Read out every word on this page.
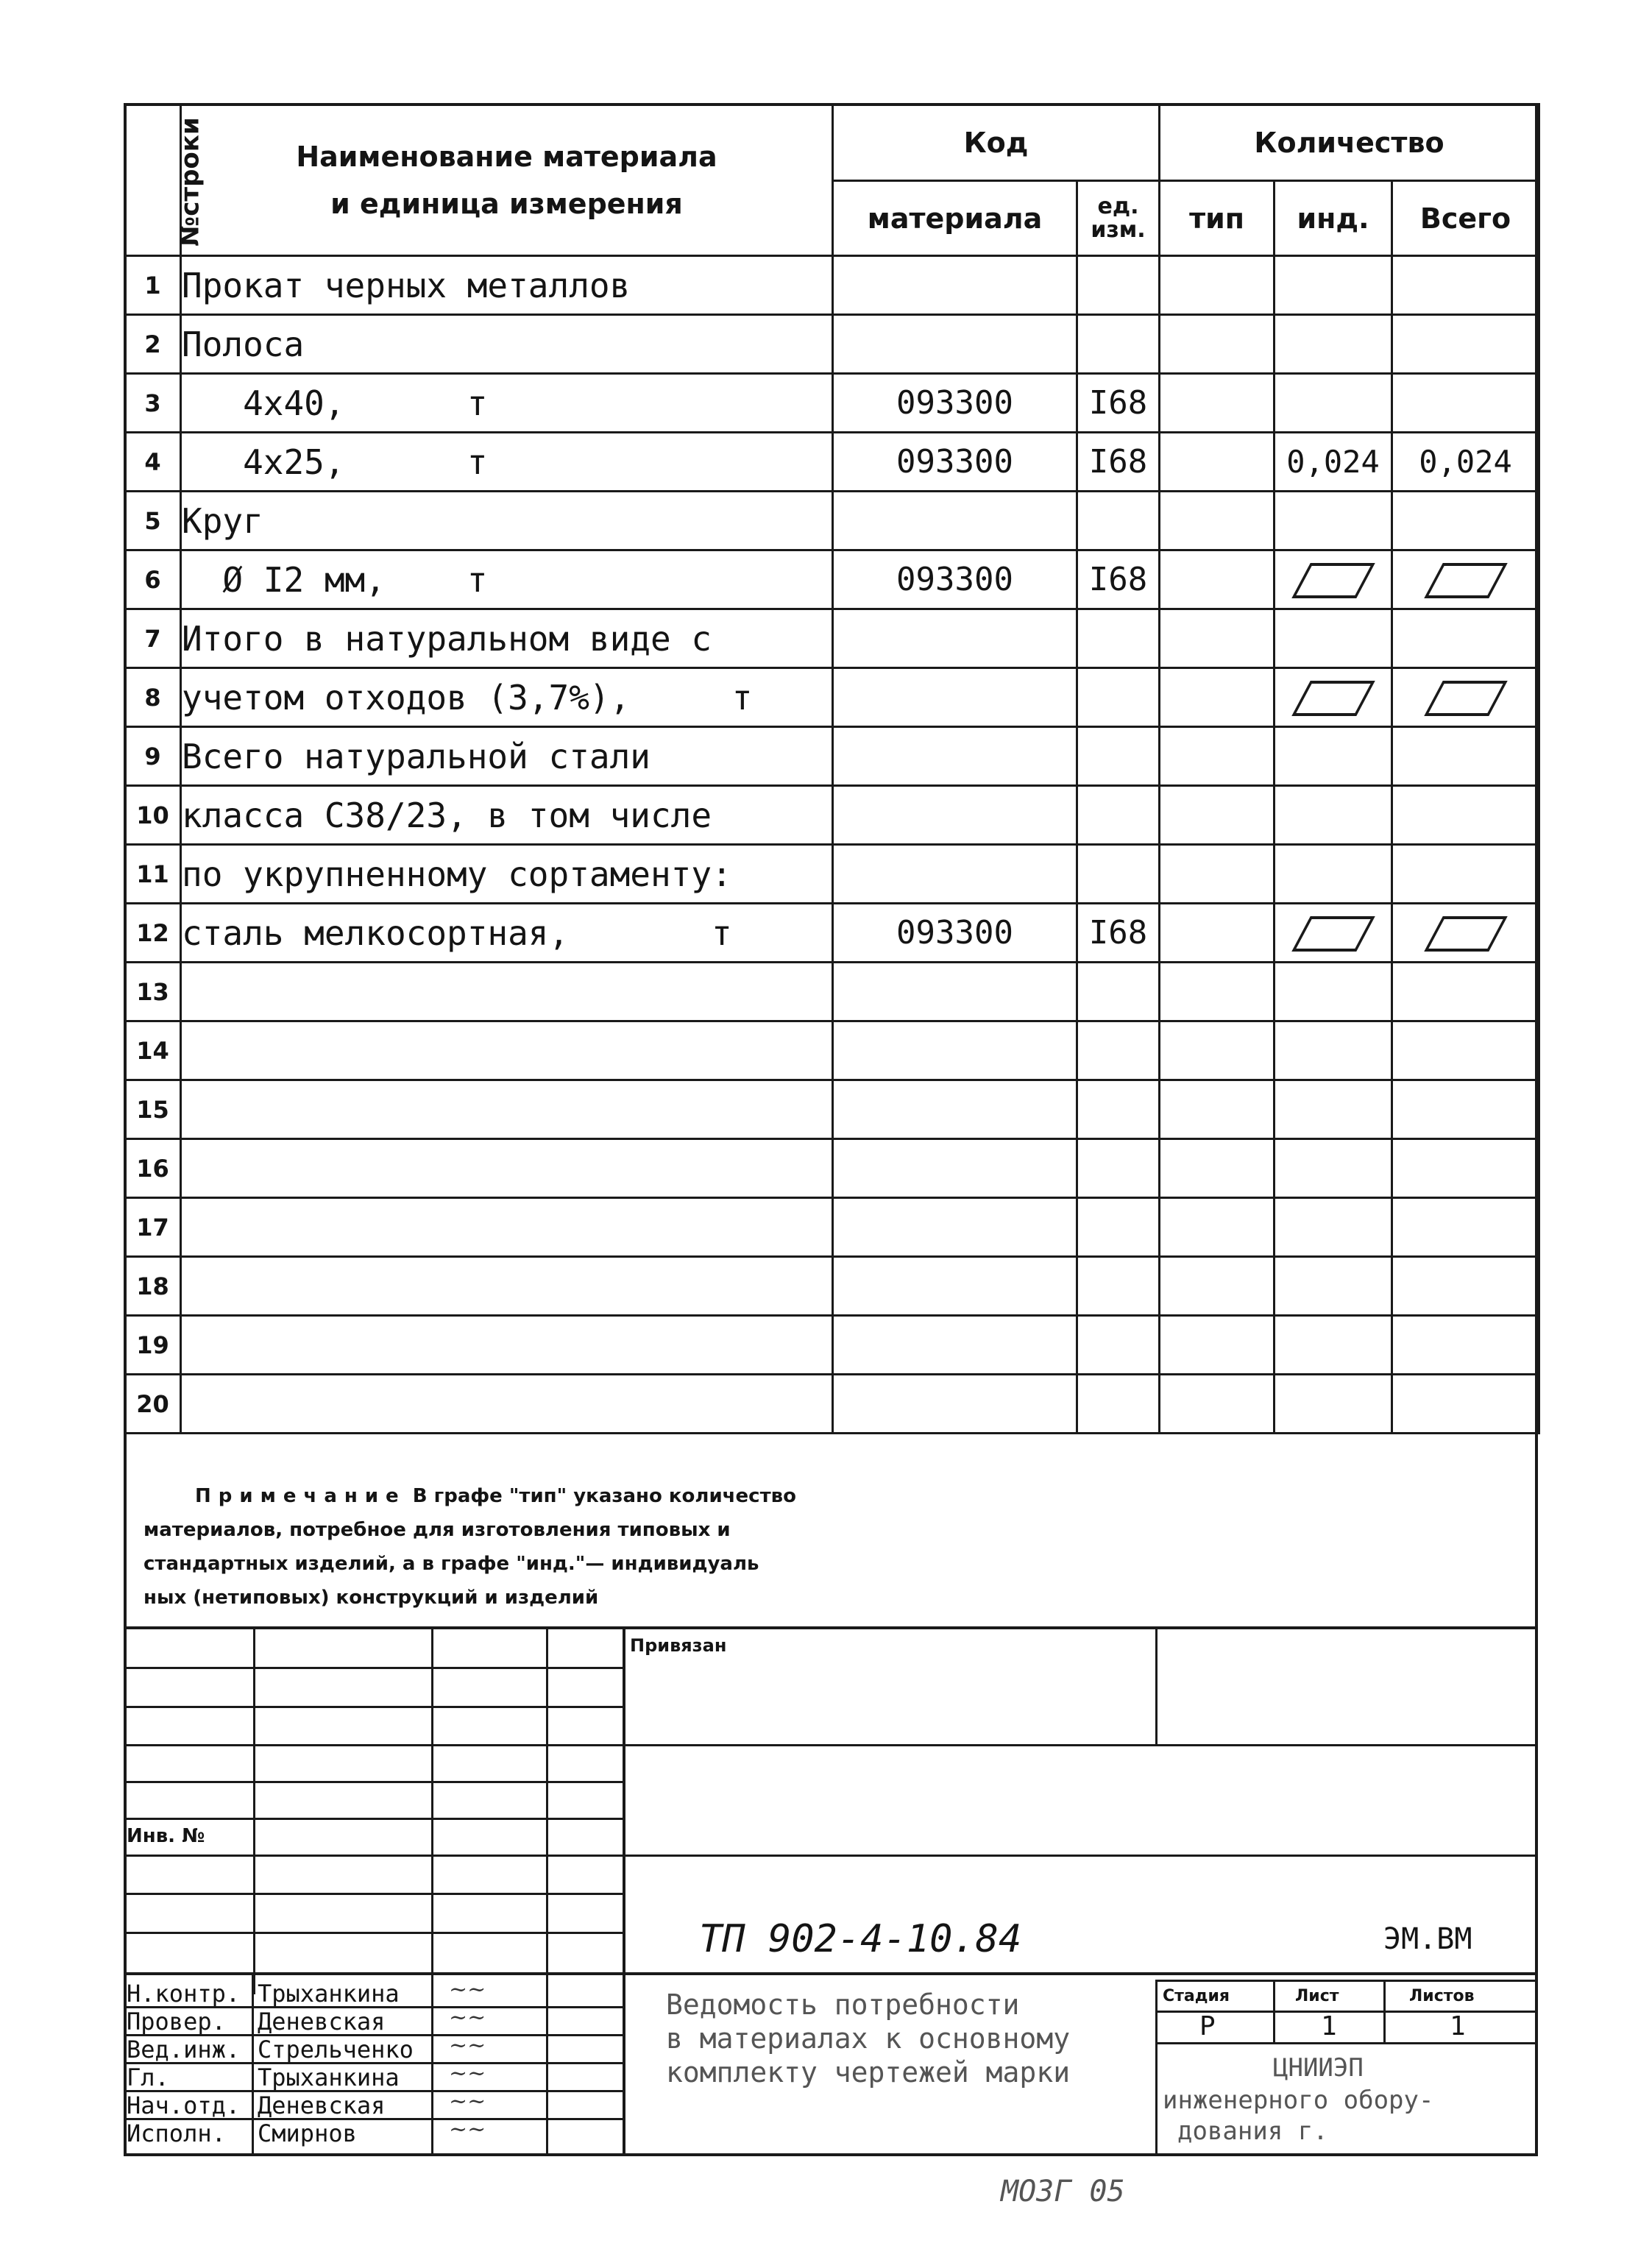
№строки	Наименование материала
и единица измерения	Код		Количество		
		материала	ед. изм.	тип	инд.	Всего
1	Прокат черных металлов					
2	Полоса					
3	4х40,      т	093300	I68			
4	4х25,      т	093300	I68		0,024	0,024
5	Круг					
6	Ø I2 мм,    т	093300	I68			
7	Итого в натуральном виде с					
8	учетом отходов (3,7%),     т					
9	Всего натуральной стали					
10	класса С38/23, в том числе					
11	по укрупненному сортаменту:					
12	сталь мелкосортная,       т	093300	I68			
13						
14						
15						
16						
17						
18						
19						
20						
Примечание В графе "тип" указано количество
материалов, потребное для изготовления типовых и
стандартных изделий, а в графе "инд."— индивидуаль
ных (нетиповых) конструкций и изделий
Привязан
Инв. №
ТП 902-4-10.84	ЭМ.ВМ
Стадия	Лист	Листов
Р	1	1
Ведомость потребности
в материалах к основному
комплекту чертежей марки	ЦНИИЭП
инженерного обору-
дования г.
Н.контр. Трыханкина ~~
Провер. Деневская	~~
Вед.инж. Стрельченко ~~
Гл.	Трыханкина ~~
Нач.отд. Деневская	~~
Исполн. Смирнов	~~
МОЗГ 05
